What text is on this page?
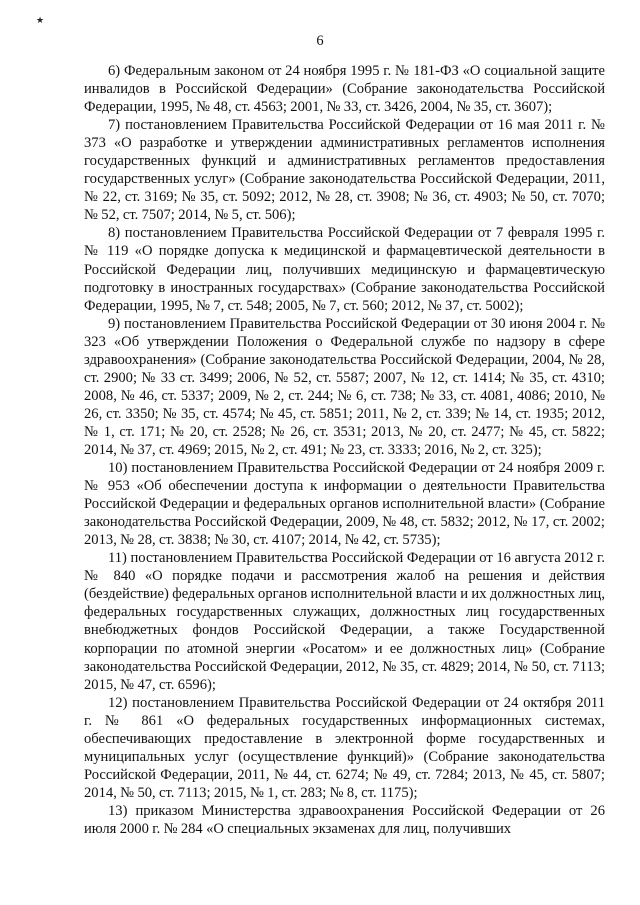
★
6

6) Федеральным законом от 24 ноября 1995 г. № 181-ФЗ «О социальной защите инвалидов в Российской Федерации» (Собрание законодательства Российской Федерации, 1995, № 48, ст. 4563; 2001, № 33, ст. 3426, 2004, № 35, ст. 3607);

7) постановлением Правительства Российской Федерации от 16 мая 2011 г. № 373 «О разработке и утверждении административных регламентов исполнения государственных функций и административных регламентов предоставления государственных услуг» (Собрание законодательства Российской Федерации, 2011, № 22, ст. 3169; № 35, ст. 5092; 2012, № 28, ст. 3908; № 36, ст. 4903; № 50, ст. 7070; № 52, ст. 7507; 2014, № 5, ст. 506);

8) постановлением Правительства Российской Федерации от 7 февраля 1995 г. № 119 «О порядке допуска к медицинской и фармацевтической деятельности в Российской Федерации лиц, получивших медицинскую и фармацевтическую подготовку в иностранных государствах» (Собрание законодательства Российской Федерации, 1995, № 7, ст. 548; 2005, № 7, ст. 560; 2012, № 37, ст. 5002);

9) постановлением Правительства Российской Федерации от 30 июня 2004 г. № 323 «Об утверждении Положения о Федеральной службе по надзору в сфере здравоохранения» (Собрание законодательства Российской Федерации, 2004, № 28, ст. 2900; № 33 ст. 3499; 2006, № 52, ст. 5587; 2007, № 12, ст. 1414; № 35, ст. 4310; 2008, № 46, ст. 5337; 2009, № 2, ст. 244; № 6, ст. 738; № 33, ст. 4081, 4086; 2010, № 26, ст. 3350; № 35, ст. 4574; № 45, ст. 5851; 2011, № 2, ст. 339; № 14, ст. 1935; 2012, № 1, ст. 171; № 20, ст. 2528; № 26, ст. 3531; 2013, № 20, ст. 2477; № 45, ст. 5822; 2014, № 37, ст. 4969; 2015, № 2, ст. 491; № 23, ст. 3333; 2016, № 2, ст. 325);

10) постановлением Правительства Российской Федерации от 24 ноября 2009 г. № 953 «Об обеспечении доступа к информации о деятельности Правительства Российской Федерации и федеральных органов исполнительной власти» (Собрание законодательства Российской Федерации, 2009, № 48, ст. 5832; 2012, № 17, ст. 2002; 2013, № 28, ст. 3838; № 30, ст. 4107; 2014, № 42, ст. 5735);

11) постановлением Правительства Российской Федерации от 16 августа 2012 г. № 840 «О порядке подачи и рассмотрения жалоб на решения и действия (бездействие) федеральных органов исполнительной власти и их должностных лиц, федеральных государственных служащих, должностных лиц государственных внебюджетных фондов Российской Федерации, а также Государственной корпорации по атомной энергии «Росатом» и ее должностных лиц» (Собрание законодательства Российской Федерации, 2012, № 35, ст. 4829; 2014, № 50, ст. 7113; 2015, № 47, ст. 6596);

12) постановлением Правительства Российской Федерации от 24 октября 2011 г. № 861 «О федеральных государственных информационных системах, обеспечивающих предоставление в электронной форме государственных и муниципальных услуг (осуществление функций)» (Собрание законодательства Российской Федерации, 2011, № 44, ст. 6274; № 49, ст. 7284; 2013, № 45, ст. 5807; 2014, № 50, ст. 7113; 2015, № 1, ст. 283; № 8, ст. 1175);

13) приказом Министерства здравоохранения Российской Федерации от 26 июля 2000 г. № 284 «О специальных экзаменах для лиц, получивших
